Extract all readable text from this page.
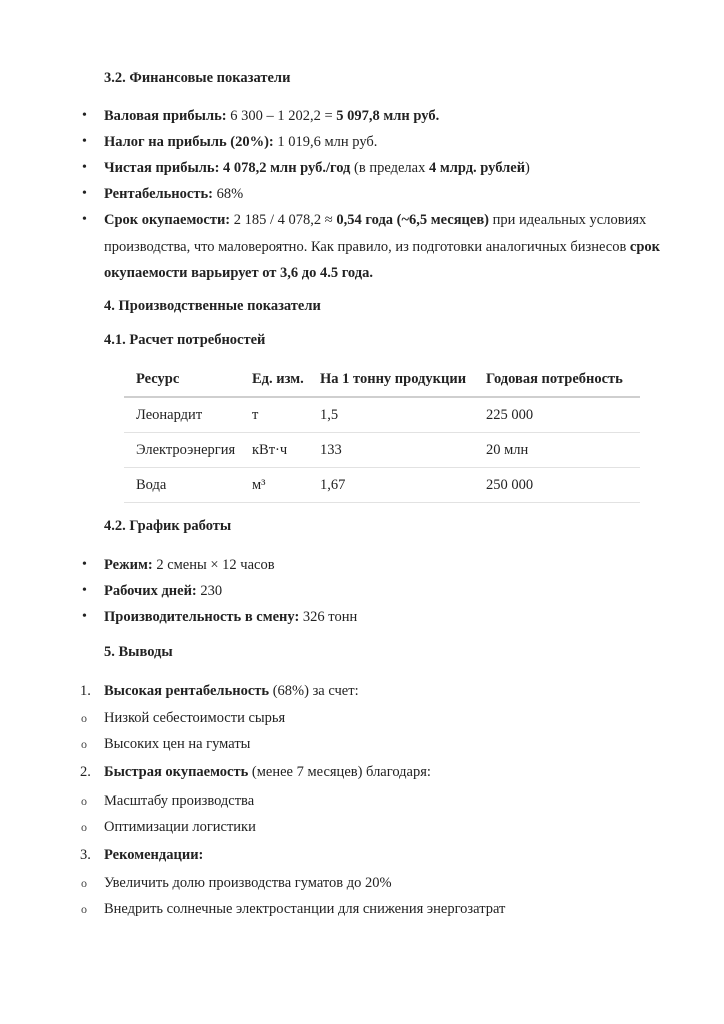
3.2. Финансовые показатели
• Валовая прибыль: 6 300 – 1 202,2 = 5 097,8 млн руб.
• Налог на прибыль (20%): 1 019,6 млн руб.
• Чистая прибыль: 4 078,2 млн руб./год (в пределах 4 млрд. рублей)
• Рентабельность: 68%
• Срок окупаемости: 2 185 / 4 078,2 ≈ 0,54 года (~6,5 месяцев) при идеальных условиях
производства, что маловероятно. Как правило, из подготовки аналогичных бизнесов срок
окупаемости варьирует от 3,6 до 4.5 года.
4. Производственные показатели
4.1. Расчет потребностей
Ресурс	Ед. изм.	На 1 тонну продукции	Годовая потребность
Леонардит	т	1,5	225 000
Электроэнергия	кВт·ч	133	20 млн
Вода	м³	1,67	250 000
4.2. График работы
• Режим: 2 смены × 12 часов
• Рабочих дней: 230
• Производительность в смену: 326 тонн
5. Выводы
1. Высокая рентабельность (68%) за счет:
o Низкой себестоимости сырья
o Высоких цен на гуматы
2. Быстрая окупаемость (менее 7 месяцев) благодаря:
o Масштабу производства
o Оптимизации логистики
3. Рекомендации:
o Увеличить долю производства гуматов до 20%
o Внедрить солнечные электростанции для снижения энергозатрат
